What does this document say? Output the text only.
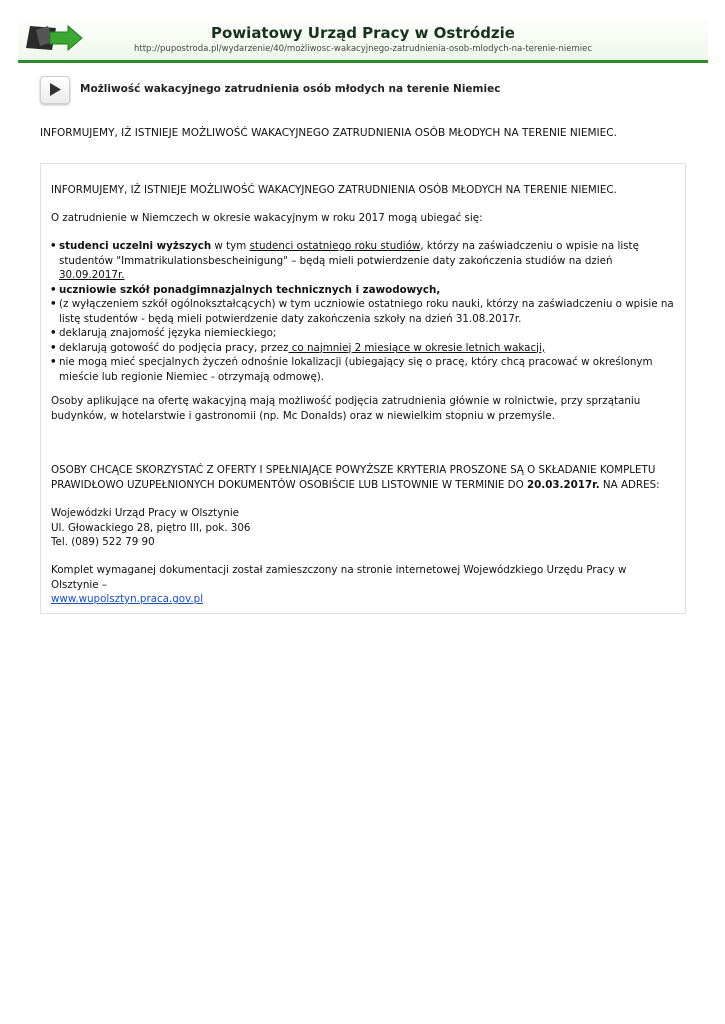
Powiatowy Urząd Pracy w Ostródzie
http://pupostroda.pl/wydarzenie/40/możliwosc-wakacyjnego-zatrudnienia-osob-mlodych-na-terenie-niemiec
Możliwość wakacyjnego zatrudnienia osób młodych na terenie Niemiec
INFORMUJEMY, IŻ ISTNIEJE MOŻLIWOŚĆ WAKACYJNEGO ZATRUDNIENIA OSÓB MŁODYCH NA TERENIE NIEMIEC.

INFORMUJEMY, IŻ ISTNIEJE MOŻLIWOŚĆ WAKACYJNEGO ZATRUDNIENIA OSÓB MŁODYCH NA TERENIE NIEMIEC.

O zatrudnienie w Niemczech w okresie wakacyjnym w roku 2017 mogą ubiegać się:

• studenci uczelni wyższych w tym studenci ostatniego roku studiów, którzy na zaświadczeniu o wpisie na listę studentów "Immatrikulationsbescheinigung" – będą mieli potwierdzenie daty zakończenia studiów na dzień 30.09.2017r.
• uczniowie szkół ponadgimnazjalnych technicznych i zawodowych,
• (z wyłączeniem szkół ogólnokształcących) w tym uczniowie ostatniego roku nauki, którzy na zaświadczeniu o wpisie na listę studentów - będą mieli potwierdzenie daty zakończenia szkoły na dzień 31.08.2017r.
• deklarują znajomość języka niemieckiego;
• deklarują gotowość do podjęcia pracy, przez co najmniej 2 miesiące w okresie letnich wakacji,
• nie mogą mieć specjalnych życzeń odnośnie lokalizacji (ubiegający się o pracę, który chcą pracować w określonym mieście lub regionie Niemiec - otrzymają odmowę).

Osoby aplikujące na ofertę wakacyjną mają możliwość podjęcia zatrudnienia głównie w rolnictwie, przy sprzątaniu budynków, w hotelarstwie i gastronomii (np. Mc Donalds) oraz w niewielkim stopniu w przemyśle.

OSOBY CHCĄCE SKORZYSTAĆ Z OFERTY I SPEŁNIAJĄCE POWYŻSZE KRYTERIA PROSZONE SĄ O SKŁADANIE KOMPLETU PRAWIDŁOWO UZUPEŁNIONYCH DOKUMENTÓW OSOBIŚCIE LUB LISTOWNIE W TERMINIE DO 20.03.2017r. NA ADRES:

Wojewódzki Urząd Pracy w Olsztynie
Ul. Głowackiego 28, piętro III, pok. 306
Tel. (089) 522 79 90

Komplet wymaganej dokumentacji został zamieszczony na stronie internetowej Wojewódzkiego Urzędu Pracy w Olsztynie –
www.wupolsztyn.praca.gov.pl
